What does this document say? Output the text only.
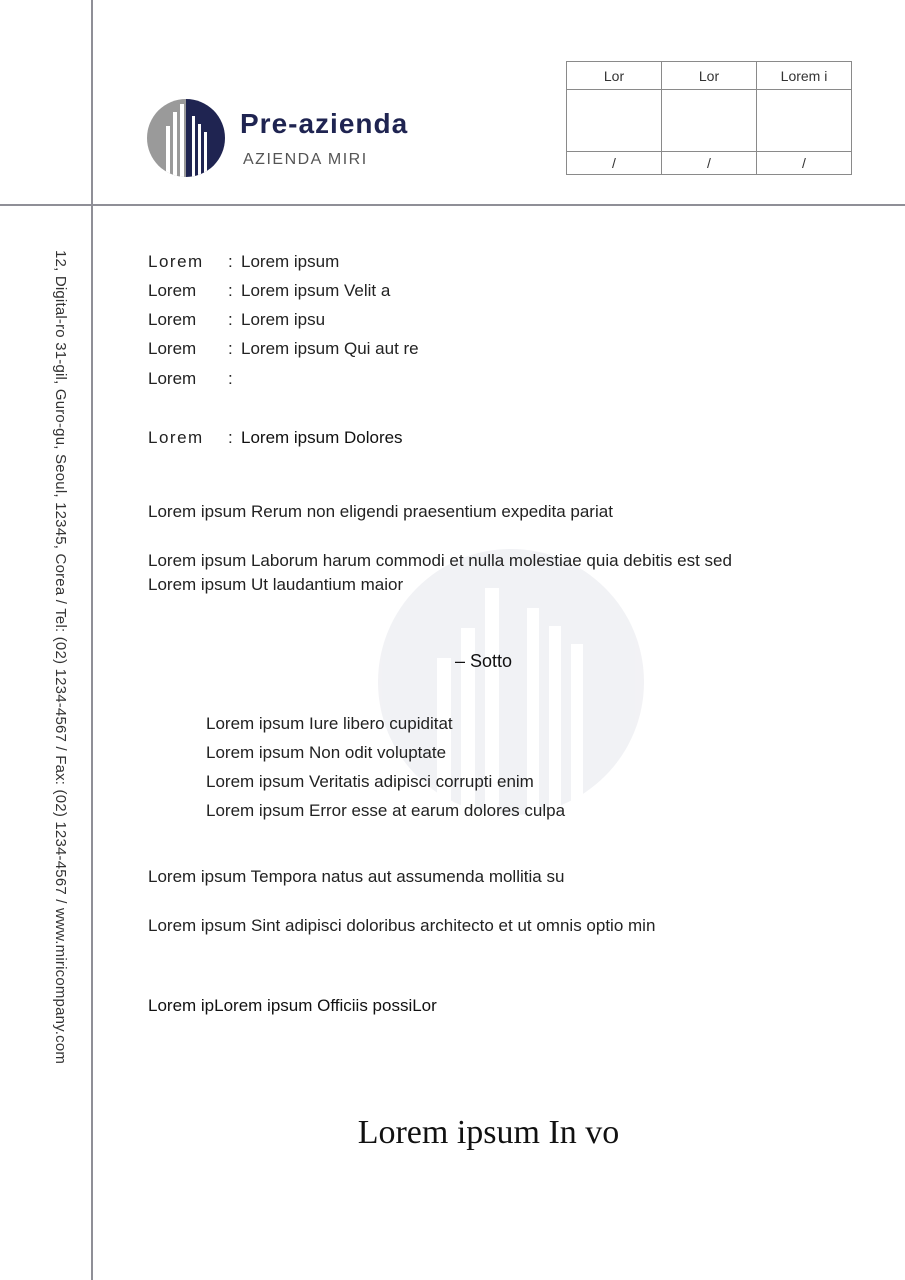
12, Digital-ro 31-gil, Guro-gu, Seoul, 12345, Corea / Tel: (02) 1234-4567 / Fax: (02) 1234-4567 / www.miricompany.com
Pre-azienda
AZIENDA MIRI
Lor	Lor	Lorem i

/	/	/
Lorem	: Lorem ipsum
Lorem	: Lorem ipsum Velit a
Lorem	: Lorem ipsu
Lorem	: Lorem ipsum Qui aut re
Lorem	:
Lorem	: Lorem ipsum Dolores
Lorem ipsum Rerum non eligendi praesentium expedita pariat
Lorem ipsum Laborum harum commodi et nulla molestiae quia debitis est sed
Lorem ipsum Ut laudantium maior
– Sotto
Lorem ipsum Iure libero cupiditat
Lorem ipsum Non odit voluptate
Lorem ipsum Veritatis adipisci corrupti enim
Lorem ipsum Error esse at earum dolores culpa
Lorem ipsum Tempora natus aut assumenda mollitia su
Lorem ipsum Sint adipisci doloribus architecto et ut omnis optio min
Lorem ipLorem ipsum Officiis possiLor
Lorem ipsum In vo
